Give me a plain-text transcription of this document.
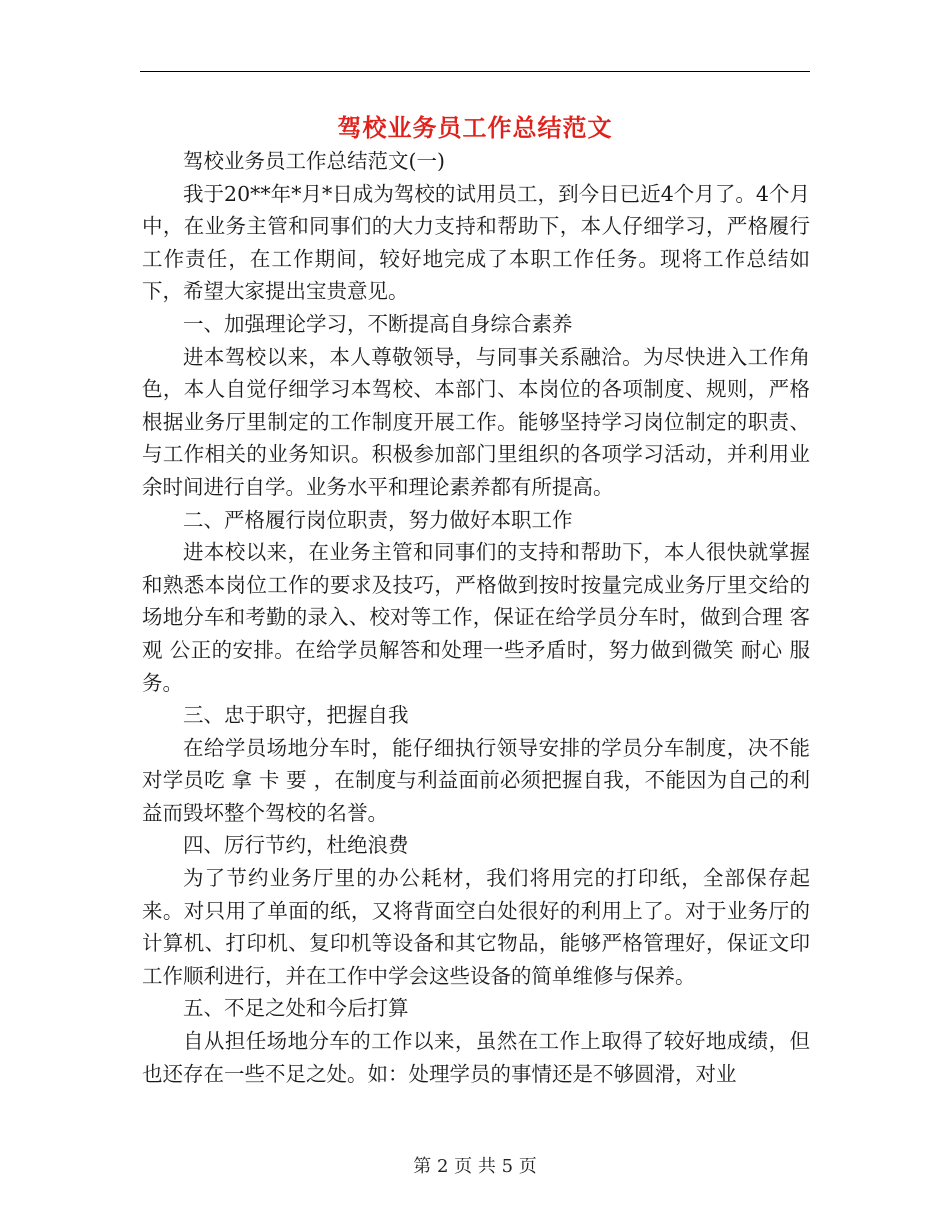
驾校业务员工作总结范文

驾校业务员工作总结范文(一)

我于20**年*月*日成为驾校的试用员工，到今日已近4个月了。4个月中，在业务主管和同事们的大力支持和帮助下，本人仔细学习，严格履行工作责任，在工作期间，较好地完成了本职工作任务。现将工作总结如下，希望大家提出宝贵意见。

一、加强理论学习，不断提高自身综合素养

进本驾校以来，本人尊敬领导，与同事关系融洽。为尽快进入工作角色，本人自觉仔细学习本驾校、本部门、本岗位的各项制度、规则，严格根据业务厅里制定的工作制度开展工作。能够坚持学习岗位制定的职责、与工作相关的业务知识。积极参加部门里组织的各项学习活动，并利用业余时间进行自学。业务水平和理论素养都有所提高。

二、严格履行岗位职责，努力做好本职工作

进本校以来，在业务主管和同事们的支持和帮助下，本人很快就掌握和熟悉本岗位工作的要求及技巧，严格做到按时按量完成业务厅里交给的场地分车和考勤的录入、校对等工作，保证在给学员分车时，做到合理 客观 公正的安排。在给学员解答和处理一些矛盾时，努力做到微笑 耐心 服务。

三、忠于职守，把握自我

在给学员场地分车时，能仔细执行领导安排的学员分车制度，决不能对学员吃 拿 卡 要 ，在制度与利益面前必须把握自我，不能因为自己的利益而毁坏整个驾校的名誉。

四、厉行节约，杜绝浪费

为了节约业务厅里的办公耗材，我们将用完的打印纸，全部保存起来。对只用了单面的纸，又将背面空白处很好的利用上了。对于业务厅的计算机、打印机、复印机等设备和其它物品，能够严格管理好，保证文印工作顺利进行，并在工作中学会这些设备的简单维修与保养。

五、不足之处和今后打算

自从担任场地分车的工作以来，虽然在工作上取得了较好地成绩，但也还存在一些不足之处。如：处理学员的事情还是不够圆滑，对业

第 2 页 共 5 页
